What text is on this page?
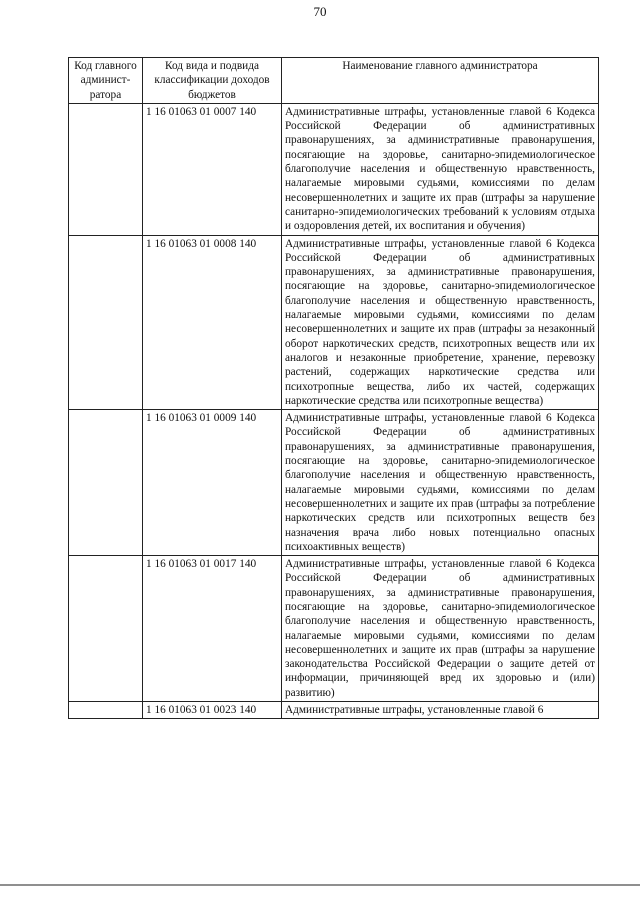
70
Код главного админист-ратора	Код вида и подвида классификации доходов бюджетов	Наименование главного администратора
	1 16 01063 01 0007 140	Административные штрафы, установленные главой 6 Кодекса Российской Федерации об административных правонарушениях, за административные правонарушения, посягающие на здоровье, санитарно-эпидемиологическое благополучие населения и общественную нравственность, налагаемые мировыми судьями, комиссиями по делам несовершеннолетних и защите их прав (штрафы за нарушение санитарно-эпидемиологических требований к условиям отдыха и оздоровления детей, их воспитания и обучения)
	1 16 01063 01 0008 140	Административные штрафы, установленные главой 6 Кодекса Российской Федерации об административных правонарушениях, за административные правонарушения, посягающие на здоровье, санитарно-эпидемиологическое благополучие населения и общественную нравственность, налагаемые мировыми судьями, комиссиями по делам несовершеннолетних и защите их прав (штрафы за незаконный оборот наркотических средств, психотропных веществ или их аналогов и незаконные приобретение, хранение, перевозку растений, содержащих наркотические средства или психотропные вещества, либо их частей, содержащих наркотические средства или психотропные вещества)
	1 16 01063 01 0009 140	Административные штрафы, установленные главой 6 Кодекса Российской Федерации об административных правонарушениях, за административные правонарушения, посягающие на здоровье, санитарно-эпидемиологическое благополучие населения и общественную нравственность, налагаемые мировыми судьями, комиссиями по делам несовершеннолетних и защите их прав (штрафы за потребление наркотических средств или психотропных веществ без назначения врача либо новых потенциально опасных психоактивных веществ)
	1 16 01063 01 0017 140	Административные штрафы, установленные главой 6 Кодекса Российской Федерации об административных правонарушениях, за административные правонарушения, посягающие на здоровье, санитарно-эпидемиологическое благополучие населения и общественную нравственность, налагаемые мировыми судьями, комиссиями по делам несовершеннолетних и защите их прав (штрафы за нарушение законодательства Российской Федерации о защите детей от информации, причиняющей вред их здоровью и (или) развитию)
	1 16 01063 01 0023 140	Административные штрафы, установленные главой 6
